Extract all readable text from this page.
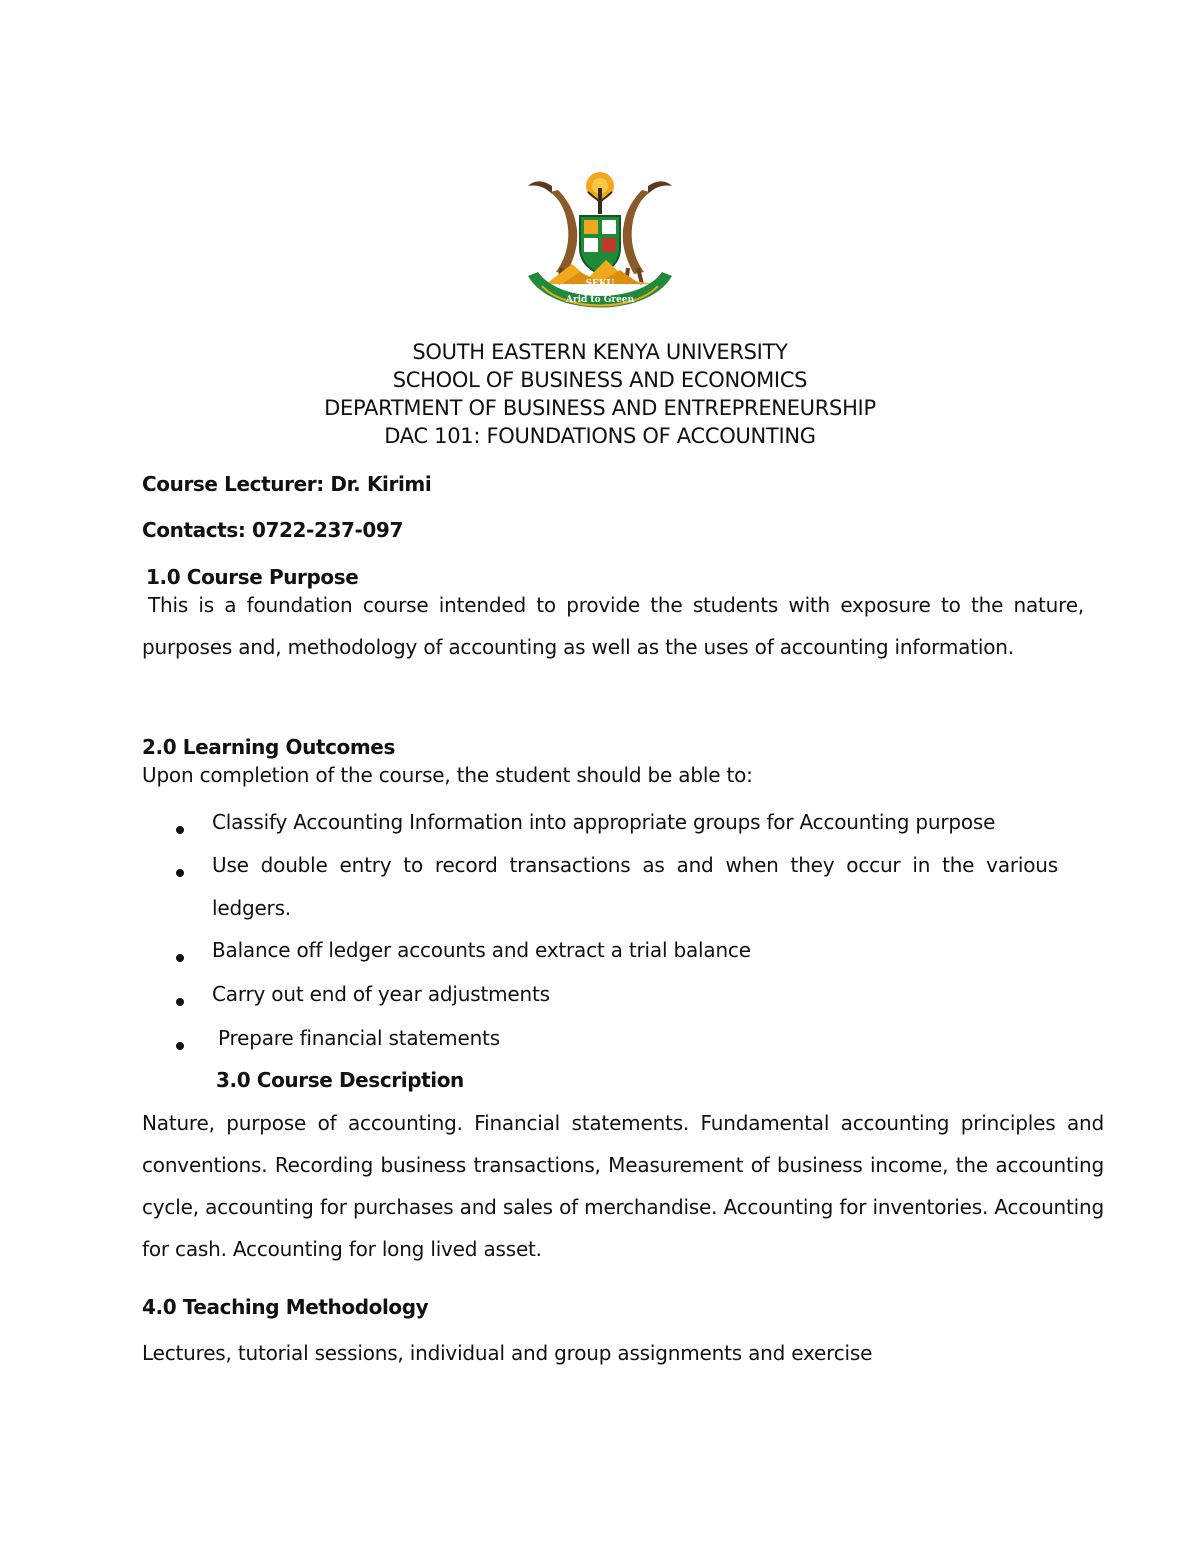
SEKU
Arid to Green
SOUTH EASTERN KENYA UNIVERSITY
SCHOOL OF BUSINESS AND ECONOMICS
DEPARTMENT OF BUSINESS AND ENTREPRENEURSHIP
DAC 101: FOUNDATIONS OF ACCOUNTING
Course Lecturer: Dr. Kirimi
Contacts: 0722-237-097
1.0 Course Purpose
This is a foundation course intended to provide the students with exposure to the nature, purposes and, methodology of accounting as well as the uses of accounting information.
2.0 Learning Outcomes
Upon completion of the course, the student should be able to:
Classify Accounting Information into appropriate groups for Accounting purpose
Use double entry to record transactions as and when they occur in the various ledgers.
Balance off ledger accounts and extract a trial balance
Carry out end of year adjustments
Prepare financial statements
3.0 Course Description
Nature, purpose of accounting. Financial statements. Fundamental accounting principles and conventions. Recording business transactions, Measurement of business income, the accounting cycle, accounting for purchases and sales of merchandise. Accounting for inventories. Accounting for cash. Accounting for long lived asset.
4.0 Teaching Methodology
Lectures, tutorial sessions, individual and group assignments and exercise
